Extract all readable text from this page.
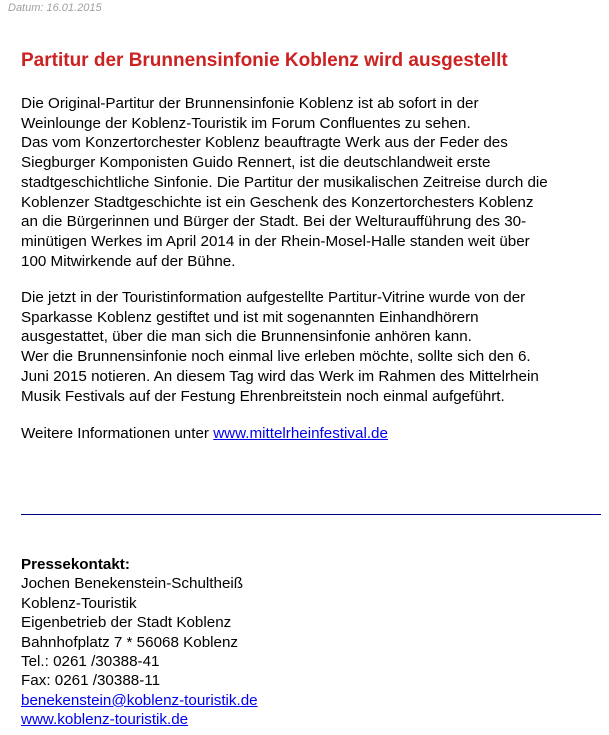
Datum: 16.01.2015
Partitur der Brunnensinfonie Koblenz wird ausgestellt

Die Original-Partitur der Brunnensinfonie Koblenz ist ab sofort in der

Weinlounge der Koblenz-Touristik im Forum Confluentes zu sehen.

Das vom Konzertorchester Koblenz beauftragte Werk aus der Feder des

Siegburger Komponisten Guido Rennert, ist die deutschlandweit erste

stadtgeschichtliche Sinfonie. Die Partitur der musikalischen Zeitreise durch die

Koblenzer Stadtgeschichte ist ein Geschenk des Konzertorchesters Koblenz

an die Bürgerinnen und Bürger der Stadt. Bei der Welturaufführung des 30-

minütigen Werkes im April 2014 in der Rhein-Mosel-Halle standen weit über

100 Mitwirkende auf der Bühne.

Die jetzt in der Touristinformation aufgestellte Partitur-Vitrine wurde von der

Sparkasse Koblenz gestiftet und ist mit sogenannten Einhandhörern

ausgestattet, über die man sich die Brunnensinfonie anhören kann.

Wer die Brunnensinfonie noch einmal live erleben möchte, sollte sich den 6.

Juni 2015 notieren. An diesem Tag wird das Werk im Rahmen des Mittelrhein

Musik Festivals auf der Festung Ehrenbreitstein noch einmal aufgeführt.

Weitere Informationen unter www.mittelrheinfestival.de

Pressekontakt:

Jochen Benekenstein-Schultheiß

Koblenz-Touristik

Eigenbetrieb der Stadt Koblenz

Bahnhofplatz 7 * 56068 Koblenz

Tel.: 0261 /30388-41

Fax: 0261 /30388-11

benekenstein@koblenz-touristik.de

www.koblenz-touristik.de
